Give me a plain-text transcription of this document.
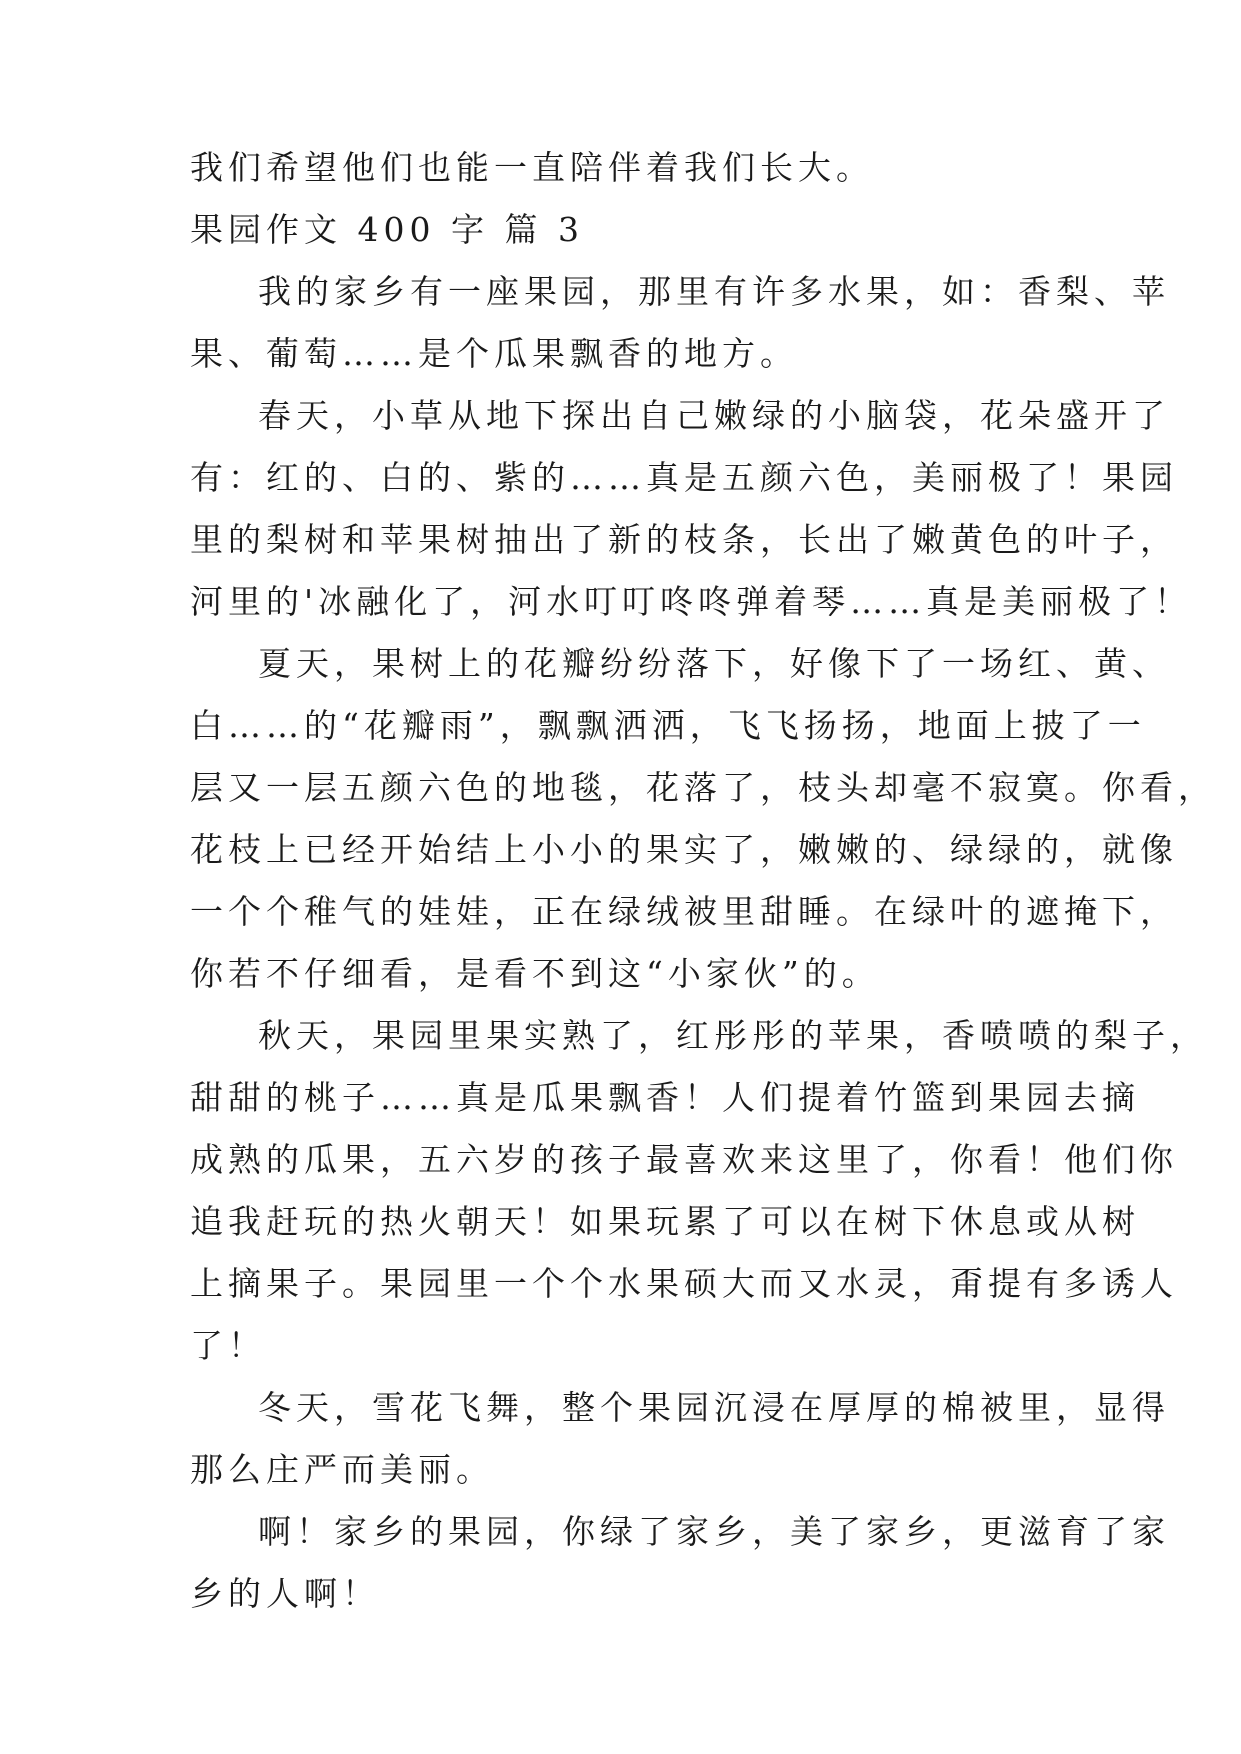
我们希望他们也能一直陪伴着我们长大。
果园作文 400 字 篇 3
我的家乡有一座果园，那里有许多水果，如：香梨、苹
果、葡萄……是个瓜果飘香的地方。
春天，小草从地下探出自己嫩绿的小脑袋，花朵盛开了
有：红的、白的、紫的……真是五颜六色，美丽极了！果园
里的梨树和苹果树抽出了新的枝条，长出了嫩黄色的叶子，
河里的'冰融化了，河水叮叮咚咚弹着琴……真是美丽极了！
夏天，果树上的花瓣纷纷落下，好像下了一场红、黄、
白……的“花瓣雨”，飘飘洒洒，飞飞扬扬，地面上披了一
层又一层五颜六色的地毯，花落了，枝头却毫不寂寞。你看，
花枝上已经开始结上小小的果实了，嫩嫩的、绿绿的，就像
一个个稚气的娃娃，正在绿绒被里甜睡。在绿叶的遮掩下，
你若不仔细看，是看不到这“小家伙”的。
秋天，果园里果实熟了，红彤彤的苹果，香喷喷的梨子，
甜甜的桃子……真是瓜果飘香！人们提着竹篮到果园去摘
成熟的瓜果，五六岁的孩子最喜欢来这里了，你看！他们你
追我赶玩的热火朝天！如果玩累了可以在树下休息或从树
上摘果子。果园里一个个水果硕大而又水灵，甭提有多诱人
了！
冬天，雪花飞舞，整个果园沉浸在厚厚的棉被里，显得
那么庄严而美丽。
啊！家乡的果园，你绿了家乡，美了家乡，更滋育了家
乡的人啊！
